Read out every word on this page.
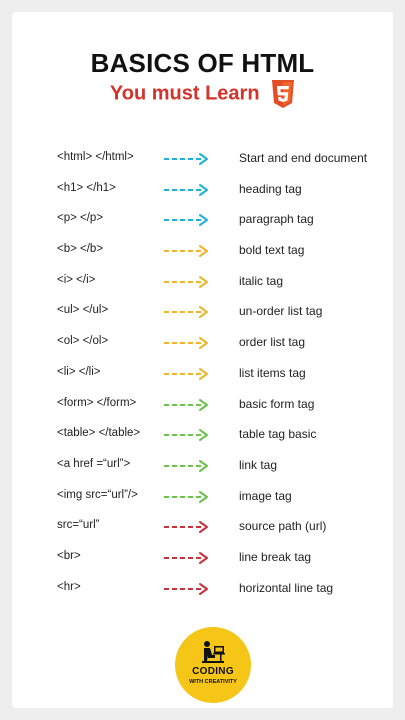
BASICS OF HTML
You must Learn
<html> </html>	Start and end document
<h1> </h1>	heading tag
<p> </p>	paragraph tag
<b> </b>	bold text tag
<i> </i>	italic tag
<ul> </ul>	un-order list tag
<ol> </ol>	order list tag
<li> </li>	list items tag
<form> </form>	basic form tag
<table> </table>	table tag basic
<a href =“url”>	link tag
<img src=“url”/>	image tag
src=“url”	source path (url)
<br>	line break tag
<hr>	horizontal line tag
CODING
WITH CREATIVITY
